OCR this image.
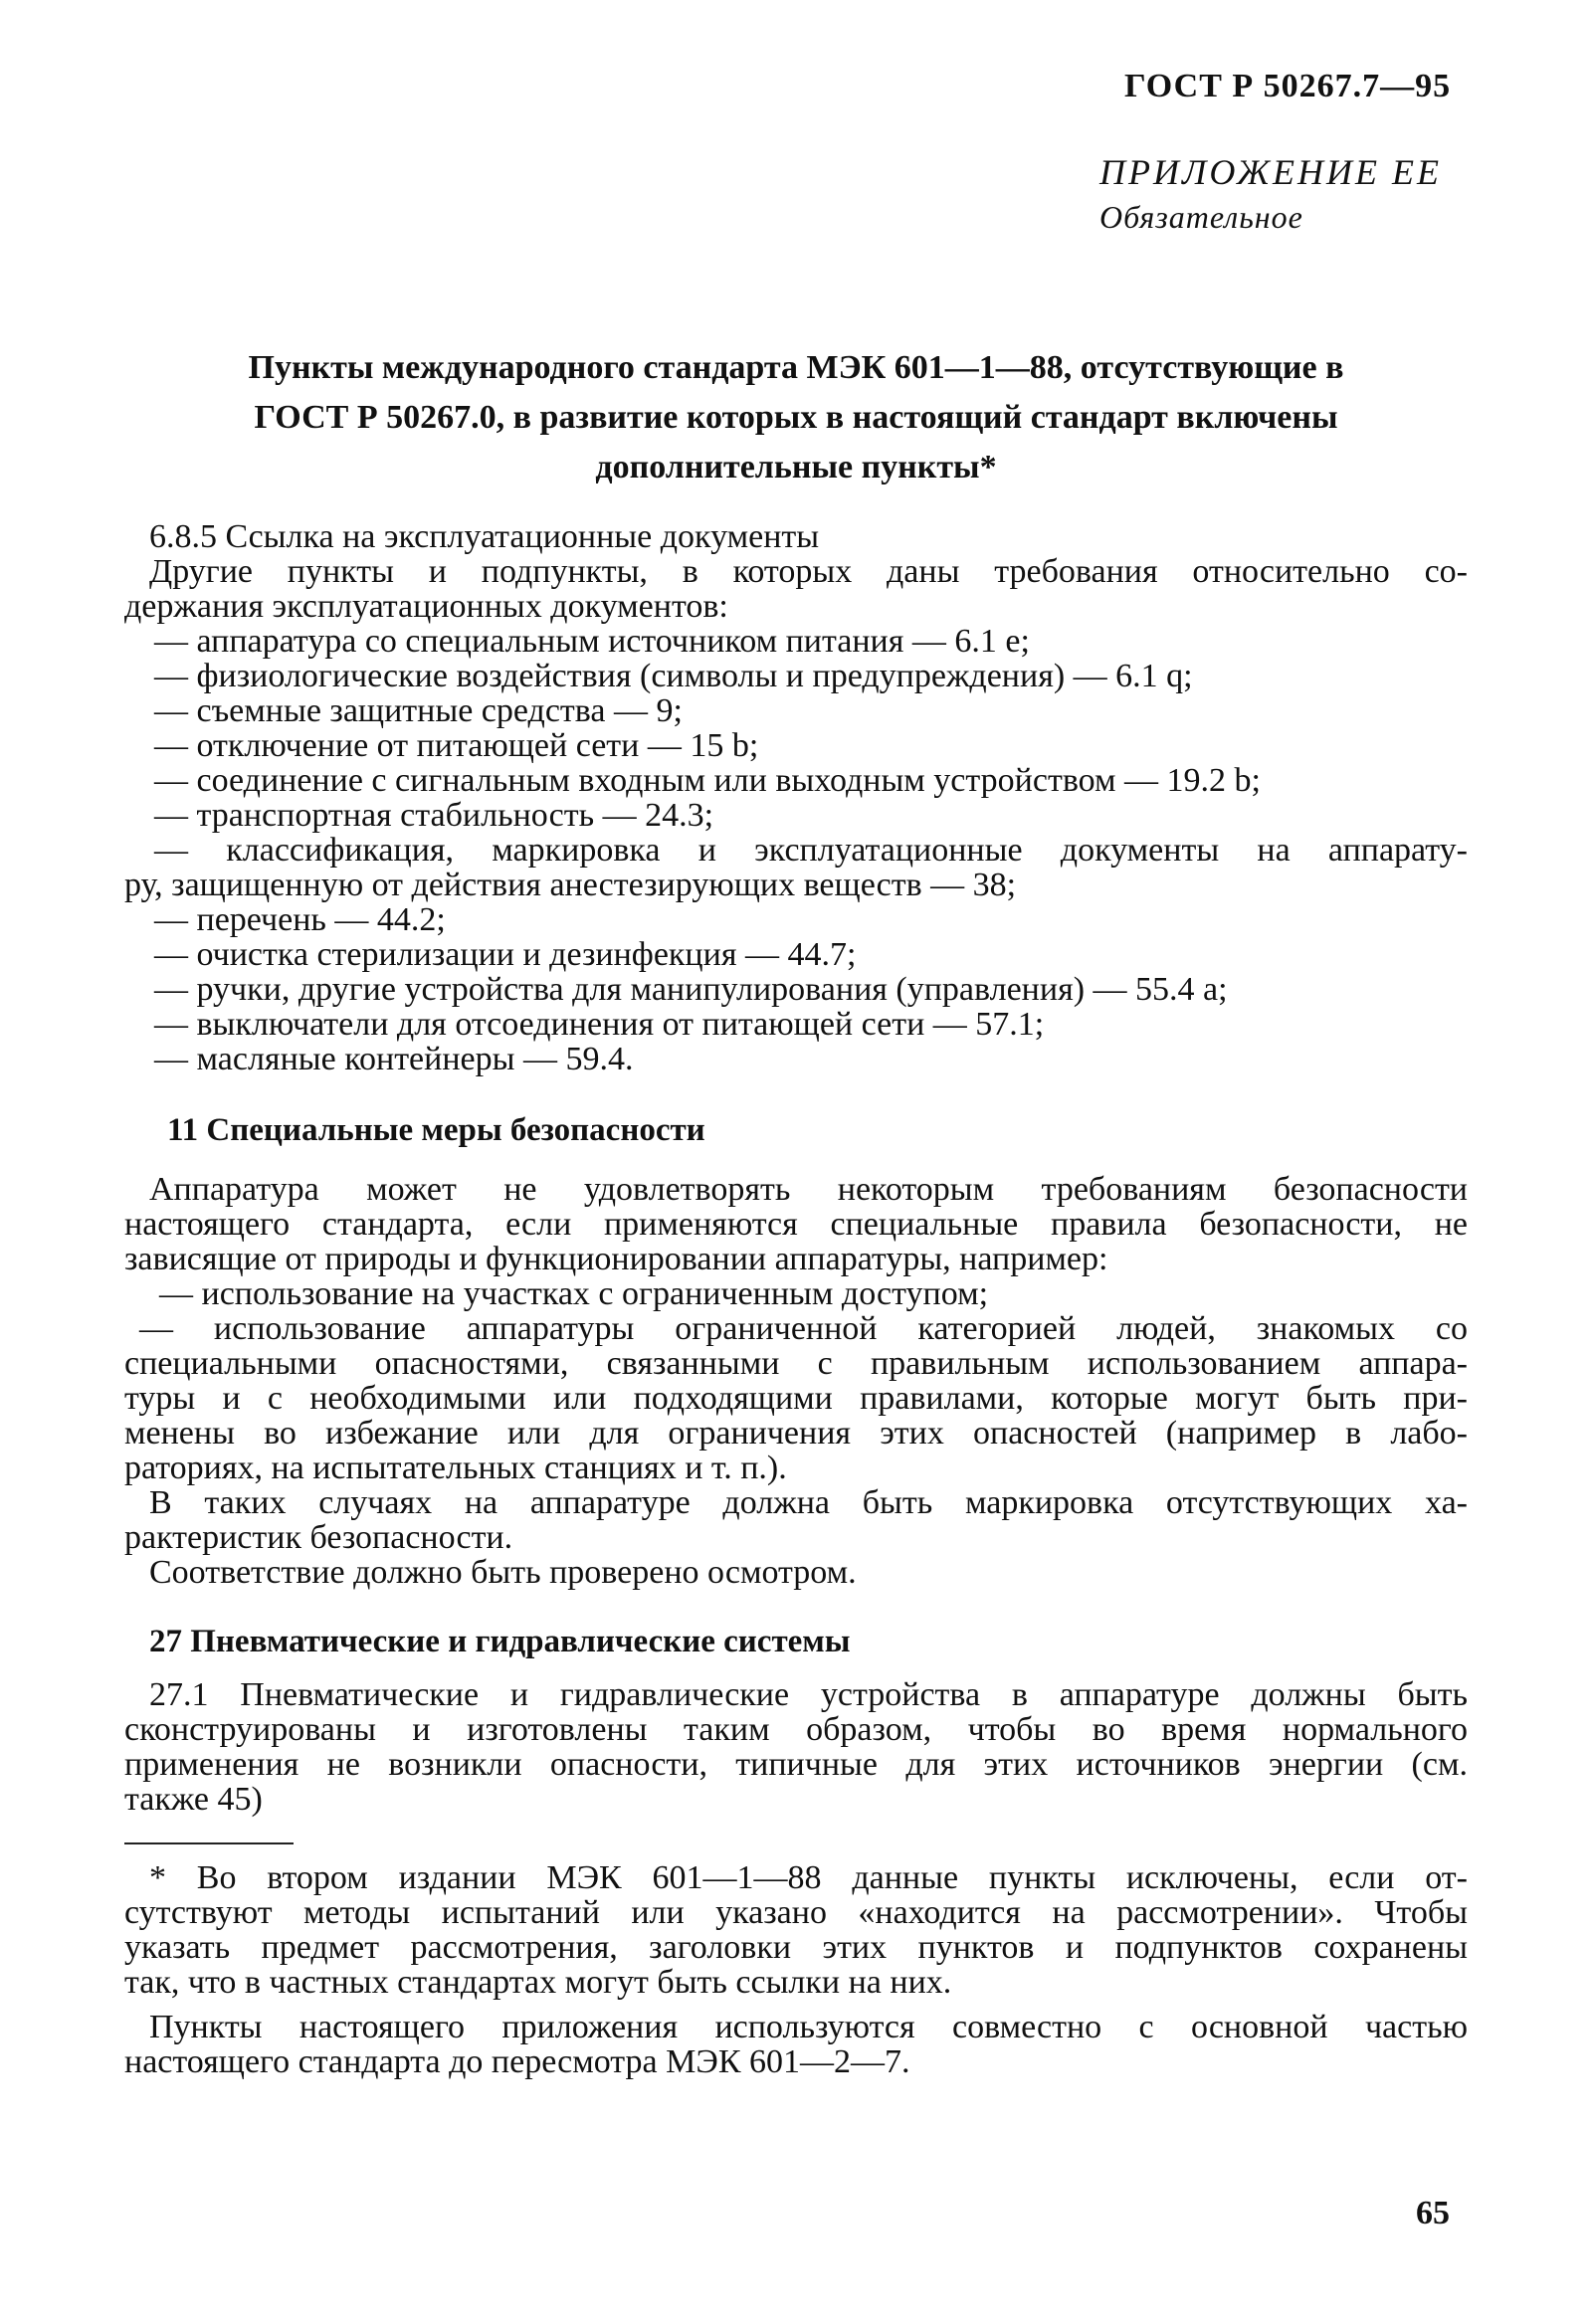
ГОСТ Р 50267.7—95
ПРИЛОЖЕНИЕ ЕЕ
Обязательное
Пункты международного стандарта МЭК 601—1—88, отсутствующие в
ГОСТ Р 50267.0, в развитие которых в настоящий стандарт включены
дополнительные пункты*
6.8.5 Ссылка на эксплуатационные документы
Другие пункты и подпункты, в которых даны требования относительно со-
держания эксплуатационных документов:
— аппаратура со специальным источником питания — 6.1 е;
— физиологические воздействия (символы и предупреждения) — 6.1 q;
— съемные защитные средства — 9;
— отключение от питающей сети — 15 b;
— соединение с сигнальным входным или выходным устройством — 19.2 b;
— транспортная стабильность — 24.3;
— классификация, маркировка и эксплуатационные документы на аппарату-
ру, защищенную от действия анестезирующих веществ — 38;
— перечень — 44.2;
— очистка стерилизации и дезинфекция — 44.7;
— ручки, другие устройства для манипулирования (управления) — 55.4 а;
— выключатели для отсоединения от питающей сети — 57.1;
— масляные контейнеры — 59.4.
11 Специальные меры безопасности
Аппаратура может не удовлетворять некоторым требованиям безопасности
настоящего стандарта, если применяются специальные правила безопасности, не
зависящие от природы и функционировании аппаратуры, например:
— использование на участках с ограниченным доступом;
— использование аппаратуры ограниченной категорией людей, знакомых со
специальными опасностями, связанными с правильным использованием аппара-
туры и с необходимыми или подходящими правилами, которые могут быть при-
менены во избежание или для ограничения этих опасностей (например в лабо-
раториях, на испытательных станциях и т. п.).
В таких случаях на аппаратуре должна быть маркировка отсутствующих ха-
рактеристик безопасности.
Соответствие должно быть проверено осмотром.
27 Пневматические и гидравлические системы
27.1 Пневматические и гидравлические устройства в аппаратуре должны быть
сконструированы и изготовлены таким образом, чтобы во время нормального
применения не возникли опасности, типичные для этих источников энергии (см.
также 45)
* Во втором издании МЭК 601—1—88 данные пункты исключены, если от-
сутствуют методы испытаний или указано «находится на рассмотрении». Чтобы
указать предмет рассмотрения, заголовки этих пунктов и подпунктов сохранены
так, что в частных стандартах могут быть ссылки на них.
Пункты настоящего приложения используются совместно с основной частью
настоящего стандарта до пересмотра МЭК 601—2—7.
65
